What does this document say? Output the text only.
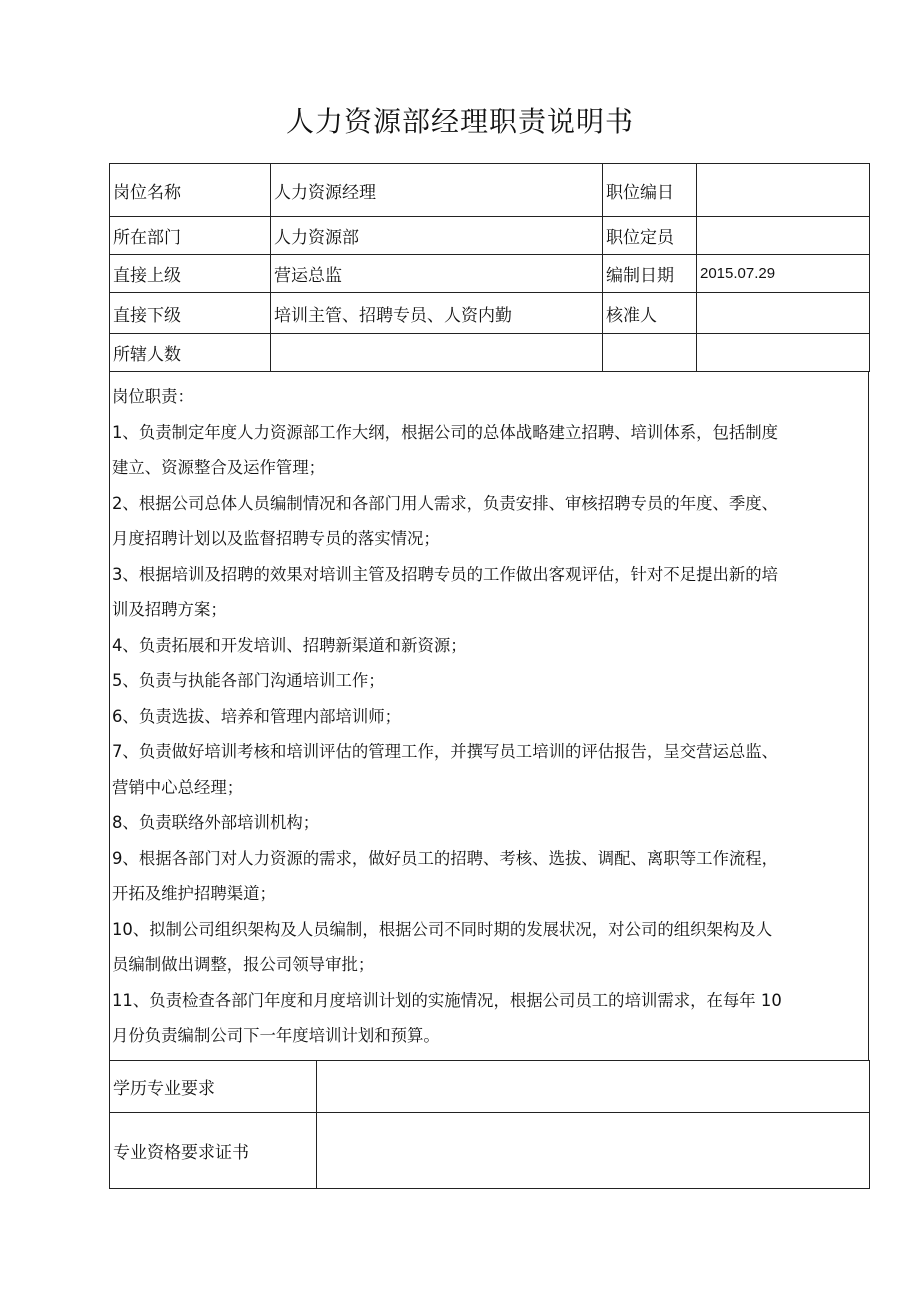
人力资源部经理职责说明书
岗位名称	人力资源经理	职位编日	
所在部门	人力资源部	职位定员	
直接上级	营运总监	编制日期	2015.07.29
直接下级	培训主管、招聘专员、人资内勤	核准人	
所辖人数			

岗位职责：

1、负责制定年度人力资源部工作大纲，根据公司的总体战略建立招聘、培训体系，包括制度

建立、资源整合及运作管理；

2、根据公司总体人员编制情况和各部门用人需求，负责安排、审核招聘专员的年度、季度、

月度招聘计划以及监督招聘专员的落实情况；

3、根据培训及招聘的效果对培训主管及招聘专员的工作做出客观评估，针对不足提出新的培

训及招聘方案；

4、负责拓展和开发培训、招聘新渠道和新资源；

5、负责与执能各部门沟通培训工作；

6、负责选拔、培养和管理内部培训师；

7、负责做好培训考核和培训评估的管理工作，并撰写员工培训的评估报告，呈交营运总监、

营销中心总经理；

8、负责联络外部培训机构；

9、根据各部门对人力资源的需求，做好员工的招聘、考核、选拔、调配、离职等工作流程，

开拓及维护招聘渠道；

10、拟制公司组织架构及人员编制，根据公司不同时期的发展状况，对公司的组织架构及人

员编制做出调整，报公司领导审批；

11、负责检查各部门年度和月度培训计划的实施情况，根据公司员工的培训需求，在每年 10

月份负责编制公司下一年度培训计划和预算。

学历专业要求	
专业资格要求证书	
